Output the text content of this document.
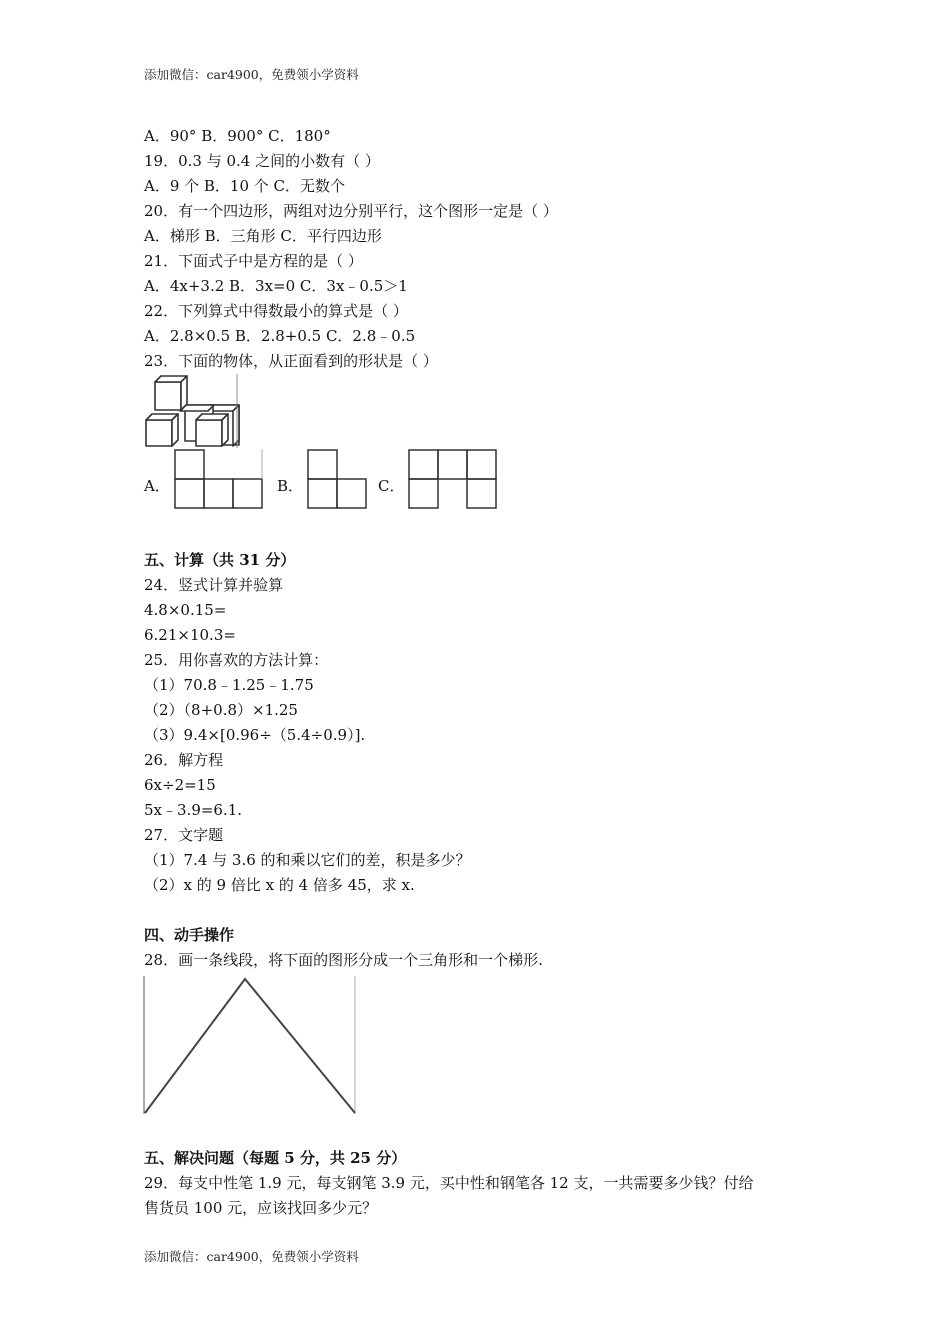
添加微信：car4900，免费领小学资料
A．90° B．900° C．180°
19．0.3 与 0.4 之间的小数有（ ）
A．9 个 B．10 个 C．无数个
20．有一个四边形，两组对边分别平行，这个图形一定是（ ）
A．梯形 B．三角形 C．平行四边形
21．下面式子中是方程的是（ ）
A．4x+3.2 B．3x=0 C．3x﹣0.5＞1
22．下列算式中得数最小的算式是（ ）
A．2.8×0.5 B．2.8+0.5 C．2.8﹣0.5
23．下面的物体，从正面看到的形状是（ ）
A．	B．	C．
五、计算（共 31 分）
24．竖式计算并验算
4.8×0.15=
6.21×10.3=
25．用你喜欢的方法计算：
（1）70.8﹣1.25﹣1.75
（2）（8+0.8）×1.25
（3）9.4×[0.96÷（5.4÷0.9）].
26．解方程
6x÷2=15
5x﹣3.9=6.1.
27．文字题
（1）7.4 与 3.6 的和乘以它们的差，积是多少？
（2）x 的 9 倍比 x 的 4 倍多 45，求 x.
四、动手操作
28．画一条线段，将下面的图形分成一个三角形和一个梯形.
五、解决问题（每题 5 分，共 25 分）
29．每支中性笔 1.9 元，每支钢笔 3.9 元，买中性和钢笔各 12 支，一共需要多少钱？付给
售货员 100 元，应该找回多少元？
添加微信：car4900，免费领小学资料
